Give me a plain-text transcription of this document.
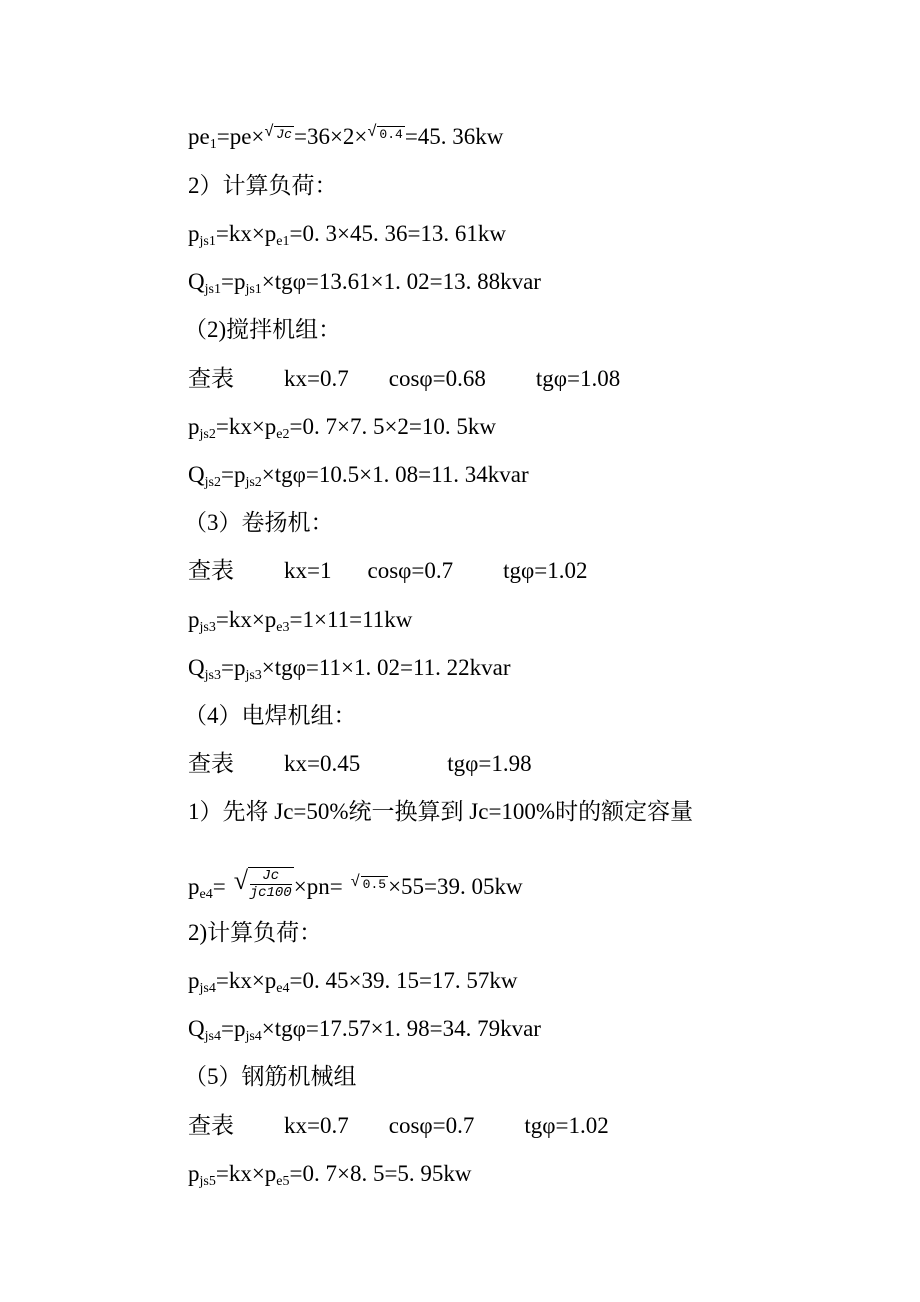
$pe_1=pe\times√$ Jc=36×2×√ 0.4=45. 36kw
2）计算负荷：
$p_{js1}=kx\times p_{e1}=0$. 3×45. 36=13. 61kw
$Q_{js1}=p_{js1}\times tg\varphi=13.61\times 1$. 02=13. 88kvar
（2)搅拌机组：
查表 kx=0.7 cosφ=0.68 tgφ=1.08
$p_{js2}=kx\times p_{e2}=0$. 7×7. 5×2=10. 5kw
$Q_{js2}=p_{js2}\times tg\varphi=10.5\times 1$. 08=11. 34kvar
（3）卷扬机：
查表 kx=1 cosφ=0.7 tgφ=1.02
$p_{js3}=kx\times p_{e3}=1\times 11=11kw$
$Q_{js3}=p_{js3}\times tg\varphi=11\times 1$. 02=11. 22kvar
（4）电焊机组：
查表 kx=0.45	tgφ=1.98
1）先将 Jc=50%统一换算到 Jc=100%时的额定容量
$p_{e4}=$ √ $\frac{Jc}{jc100} \times pn=√$ 0.5×55=39. 05kw
2)计算负荷：
$p_{js4}=kx\times p_{e4}=0$. 45×39. 15=17. 57kw
$Q_{js4}=p_{js4}\times tg\varphi=17.57\times 1$. 98=34. 79kvar
（5）钢筋机械组
查表 kx=0.7 cosφ=0.7 tgφ=1.02
$p_{js5}=kx\times p_{e5}=0$. 7×8. 5=5. 95kw
